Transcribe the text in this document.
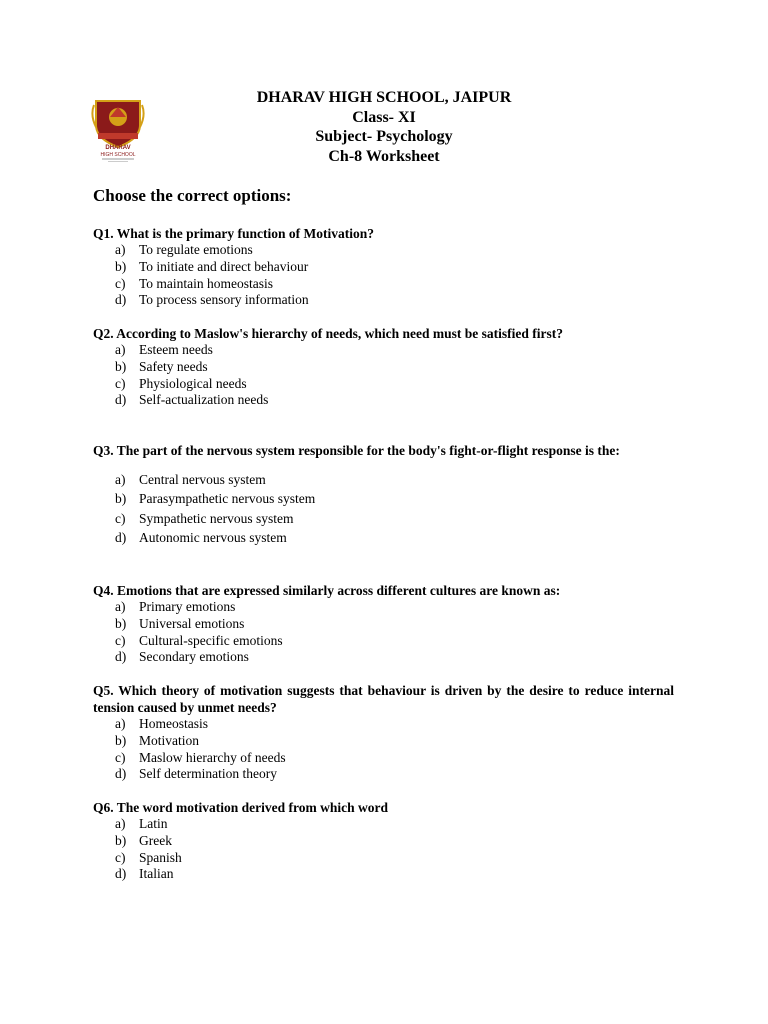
DHARAV
HIGH SCHOOL
DHARAV HIGH SCHOOL, JAIPUR
Class- XI
Subject- Psychology
Ch-8 Worksheet
Choose the correct options:

Q1. What is the primary function of Motivation?

a) To regulate emotions
b) To initiate and direct behaviour
c) To maintain homeostasis
d) To process sensory information

Q2. According to Maslow's hierarchy of needs, which need must be satisfied first?

a) Esteem needs
b) Safety needs
c) Physiological needs
d) Self-actualization needs

Q3. The part of the nervous system responsible for the body's fight-or-flight response is the:

a) Central nervous system
b) Parasympathetic nervous system
c) Sympathetic nervous system
d) Autonomic nervous system

Q4. Emotions that are expressed similarly across different cultures are known as:

a) Primary emotions
b) Universal emotions
c) Cultural-specific emotions
d) Secondary emotions

Q5. Which theory of motivation suggests that behaviour is driven by the desire to reduce internal tension caused by unmet needs?

a) Homeostasis
b) Motivation
c) Maslow hierarchy of needs
d) Self determination theory

Q6. The word motivation derived from which word

a) Latin
b) Greek
c) Spanish
d) Italian
